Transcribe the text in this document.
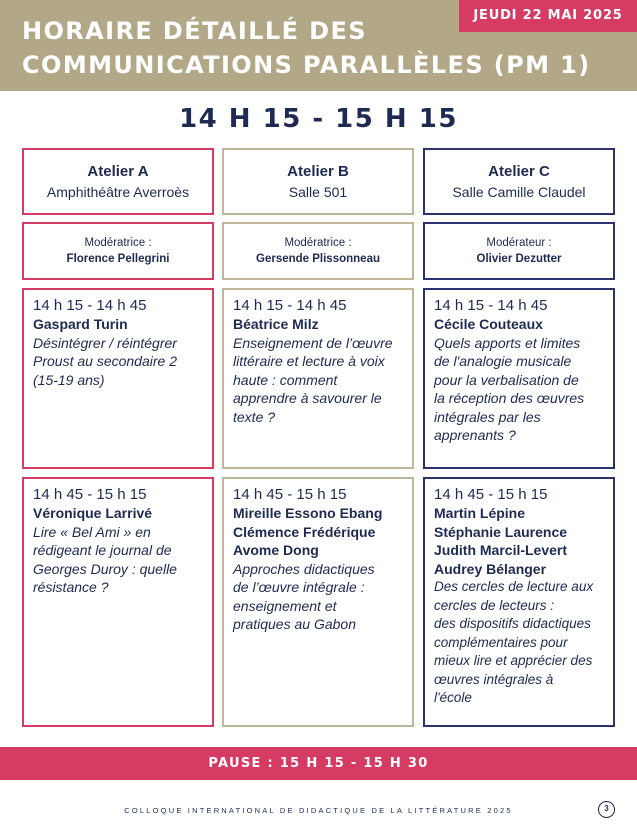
HORAIRE DÉTAILLÉ DES
COMMUNICATIONS PARALLÈLES (PM 1)
JEUDI 22 MAI 2025
14 H 15 - 15 H 15
Atelier A
Amphithéâtre Averroès
Modératrice :
Florence Pellegrini
14 h 15 - 14 h 45
Gaspard Turin
Désintégrer / réintégrer
Proust au secondaire 2
(15-19 ans)
14 h 45 - 15 h 15
Véronique Larrivé
Lire « Bel Ami » en
rédigeant le journal de
Georges Duroy : quelle
résistance ?
Atelier B
Salle 501
Modératrice :
Gersende Plissonneau
14 h 15 - 14 h 45
Béatrice Milz
Enseignement de l’œuvre
littéraire et lecture à voix
haute : comment
apprendre à savourer le
texte ?
14 h 45 - 15 h 15
Mireille Essono Ebang
Clémence Frédérique
Avome Dong
Approches didactiques
de l’œuvre intégrale :
enseignement et
pratiques au Gabon
Atelier C
Salle Camille Claudel
Modérateur :
Olivier Dezutter
14 h 15 - 14 h 45
Cécile Couteaux
Quels apports et limites
de l'analogie musicale
pour la verbalisation de
la réception des œuvres
intégrales par les
apprenants ?
14 h 45 - 15 h 15
Martin Lépine
Stéphanie Laurence
Judith Marcil-Levert
Audrey Bélanger
Des cercles de lecture aux
cercles de lecteurs :
des dispositifs didactiques
complémentaires pour
mieux lire et apprécier des
œuvres intégrales à
l'école
PAUSE : 15 H 15 - 15 H 30
COLLOQUE INTERNATIONAL DE DIDACTIQUE DE LA LITTÉRATURE 2025	3
